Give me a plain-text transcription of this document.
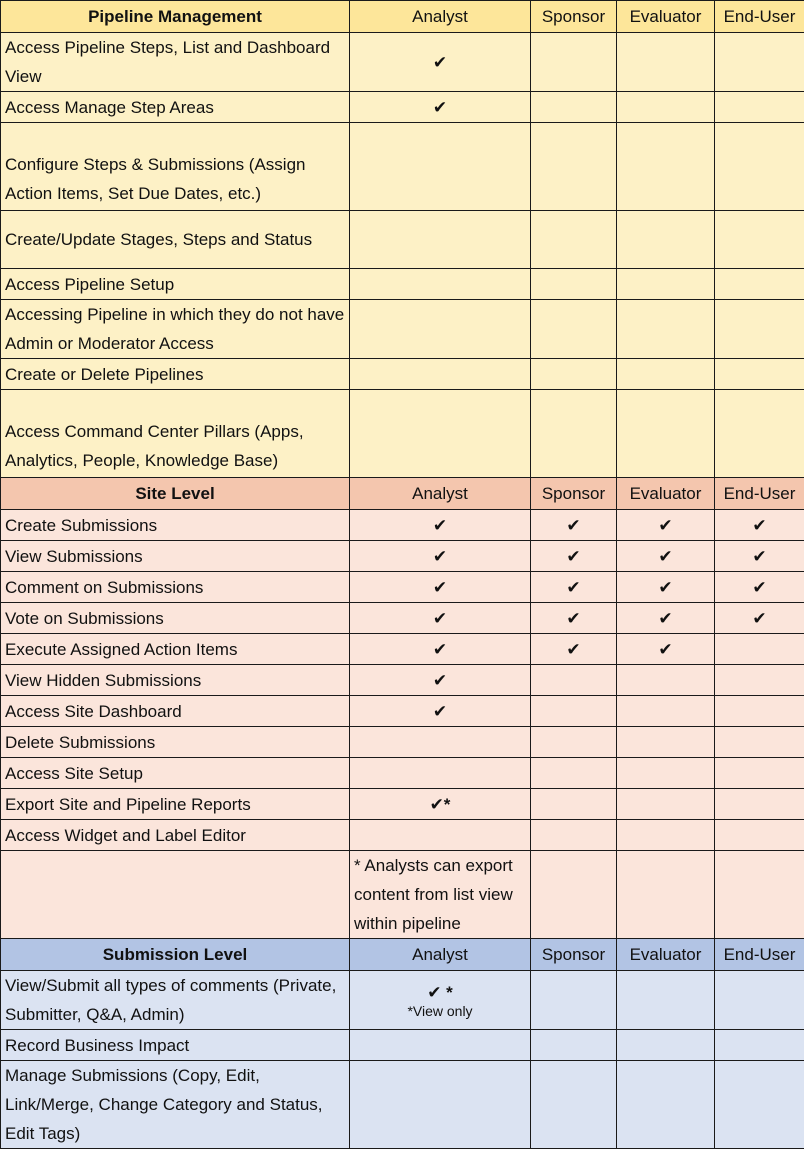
Pipeline Management	Analyst	Sponsor	Evaluator	End-User
Access Pipeline Steps, List and Dashboard View	✔			
Access Manage Step Areas	✔			
Configure Steps & Submissions (Assign Action Items, Set Due Dates, etc.)				
Create/Update Stages, Steps and Status				
Access Pipeline Setup				
Accessing Pipeline in which they do not have Admin or Moderator Access				
Create or Delete Pipelines				
Access Command Center Pillars (Apps, Analytics, People, Knowledge Base)				
Site Level	Analyst	Sponsor	Evaluator	End-User
Create Submissions	✔	✔	✔	✔
View Submissions	✔	✔	✔	✔
Comment on Submissions	✔	✔	✔	✔
Vote on Submissions	✔	✔	✔	✔
Execute Assigned Action Items	✔	✔	✔	
View Hidden Submissions	✔			
Access Site Dashboard	✔			
Delete Submissions				
Access Site Setup				
Export Site and Pipeline Reports	✔*			
Access Widget and Label Editor				
	* Analysts can export content from list view within pipeline			
Submission Level	Analyst	Sponsor	Evaluator	End-User
View/Submit all types of comments (Private, Submitter, Q&A, Admin)	✔ *
*View only			

Record Business Impact				
Manage Submissions (Copy, Edit, Link/Merge, Change Category and Status, Edit Tags)				
